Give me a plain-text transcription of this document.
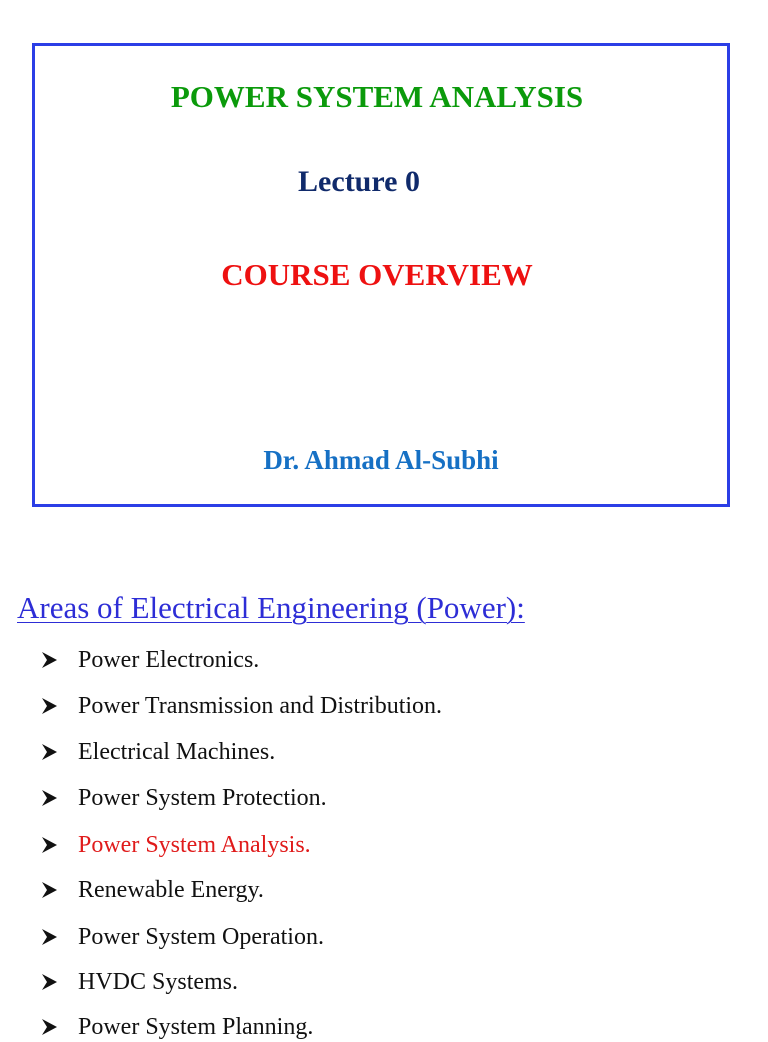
POWER SYSTEM ANALYSIS
Lecture 0
COURSE OVERVIEW
Dr. Ahmad Al-Subhi
Areas of Electrical Engineering (Power):
Power Electronics.
Power Transmission and Distribution.
Electrical Machines.
Power System Protection.
Power System Analysis.
Renewable Energy.
Power System Operation.
HVDC Systems.
Power System Planning.
